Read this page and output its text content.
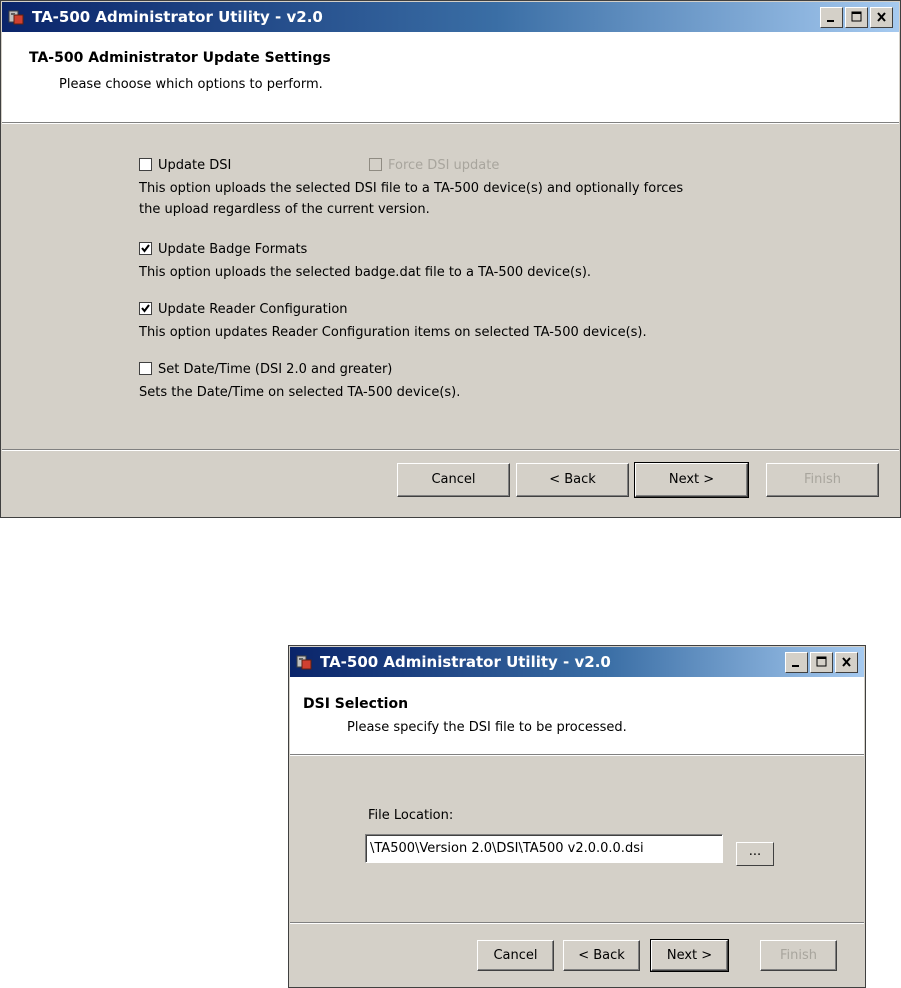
TA-500 Administrator Utility - v2.0
TA-500 Administrator Update Settings
Please choose which options to perform.
Update DSI	Force DSI update
This option uploads the selected DSI file to a TA-500 device(s) and optionally forces
the upload regardless of the current version.
Update Badge Formats
This option uploads the selected badge.dat file to a TA-500 device(s).
Update Reader Configuration
This option updates Reader Configuration items on selected TA-500 device(s).
Set Date/Time (DSI 2.0 and greater)
Sets the Date/Time on selected TA-500 device(s).
Cancel	< Back	Next >	Finish
TA-500 Administrator Utility - v2.0
DSI Selection
Please specify the DSI file to be processed.
File Location:
\TA500\Version 2.0\DSI\TA500 v2.0.0.0.dsi	...
Cancel	< Back	Next >	Finish
